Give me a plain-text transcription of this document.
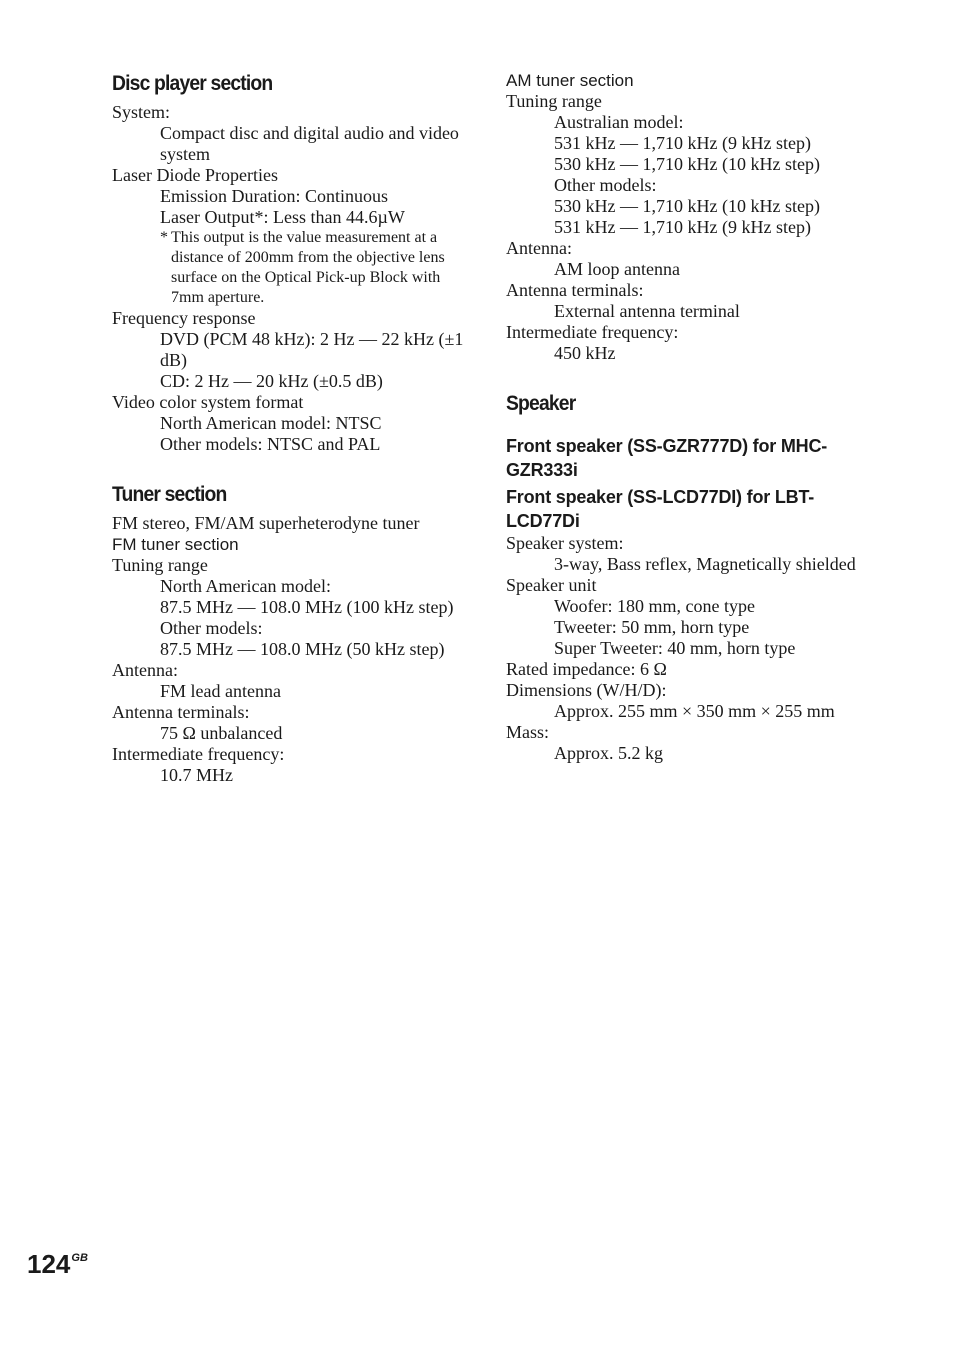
Disc player section
System:
Compact disc and digital audio and video system
Laser Diode Properties
Emission Duration: Continuous
Laser Output*: Less than 44.6µW
* This output is the value measurement at a distance of 200mm from the objective lens surface on the Optical Pick-up Block with 7mm aperture.
Frequency response
DVD (PCM 48 kHz): 2 Hz — 22 kHz (±1 dB)
CD: 2 Hz — 20 kHz (±0.5 dB)
Video color system format
North American model: NTSC
Other models: NTSC and PAL
Tuner section
FM stereo, FM/AM superheterodyne tuner
FM tuner section
Tuning range
North American model:
87.5 MHz — 108.0 MHz (100 kHz step)
Other models:
87.5 MHz — 108.0 MHz (50 kHz step)
Antenna:
FM lead antenna
Antenna terminals:
75 Ω unbalanced
Intermediate frequency:
10.7 MHz
AM tuner section
Tuning range
Australian model:
531 kHz — 1,710 kHz (9 kHz step)
530 kHz — 1,710 kHz (10 kHz step)
Other models:
530 kHz — 1,710 kHz (10 kHz step)
531 kHz — 1,710 kHz (9 kHz step)
Antenna:
AM loop antenna
Antenna terminals:
External antenna terminal
Intermediate frequency:
450 kHz
Speaker
Front speaker (SS-GZR777D) for MHC-GZR333i
Front speaker (SS-LCD77DI) for LBT-LCD77Di
Speaker system:
3-way, Bass reflex, Magnetically shielded
Speaker unit
Woofer: 180 mm, cone type
Tweeter: 50 mm, horn type
Super Tweeter: 40 mm, horn type
Rated impedance: 6 Ω
Dimensions (W/H/D):
Approx. 255 mm × 350 mm × 255 mm
Mass:
Approx. 5.2 kg
$124^{GB}$
